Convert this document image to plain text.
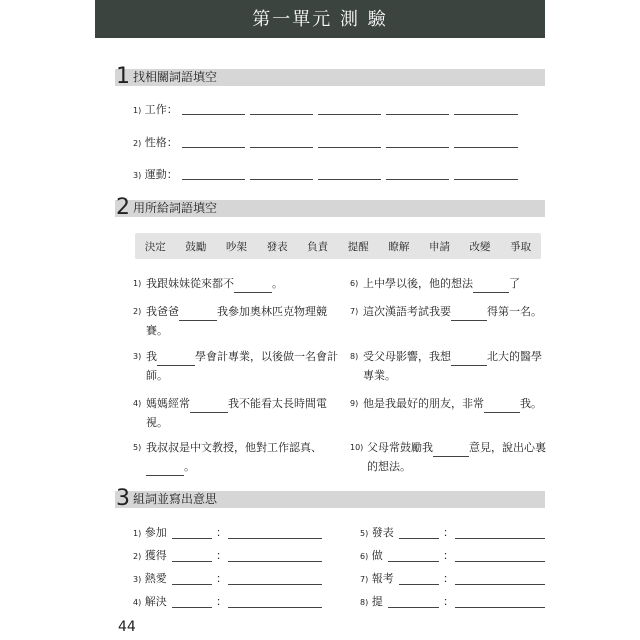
第一單元 測 驗
1 找相關詞語填空
1) 工作：
2) 性格：
3) 運動：
2 用所給詞語填空
決定 鼓勵 吵架 發表 負責 提醒 瞭解 申請 改變 爭取
1) 我跟妹妹從來都不	。
2) 我爸爸	我參加奧林匹克物理競賽。
3) 我	學會計專業，以後做一名會計師。
4) 媽媽經常	我不能看太長時間電視。
5) 我叔叔是中文教授，他對工作認真、。
6) 上中學以後，他的想法	了
7) 這次漢語考試我要	得第一名。
8) 受父母影響，我想	北大的醫學專業。
9) 他是我最好的朋友，非常	我。
10) 父母常鼓勵我	意見，說出心裏的想法。
3 組詞並寫出意思
1) 參加	：
2) 獲得	：
3) 熱愛	：
4) 解決	：
5) 發表	：
6) 做	：
7) 報考	：
8) 提	：
44
